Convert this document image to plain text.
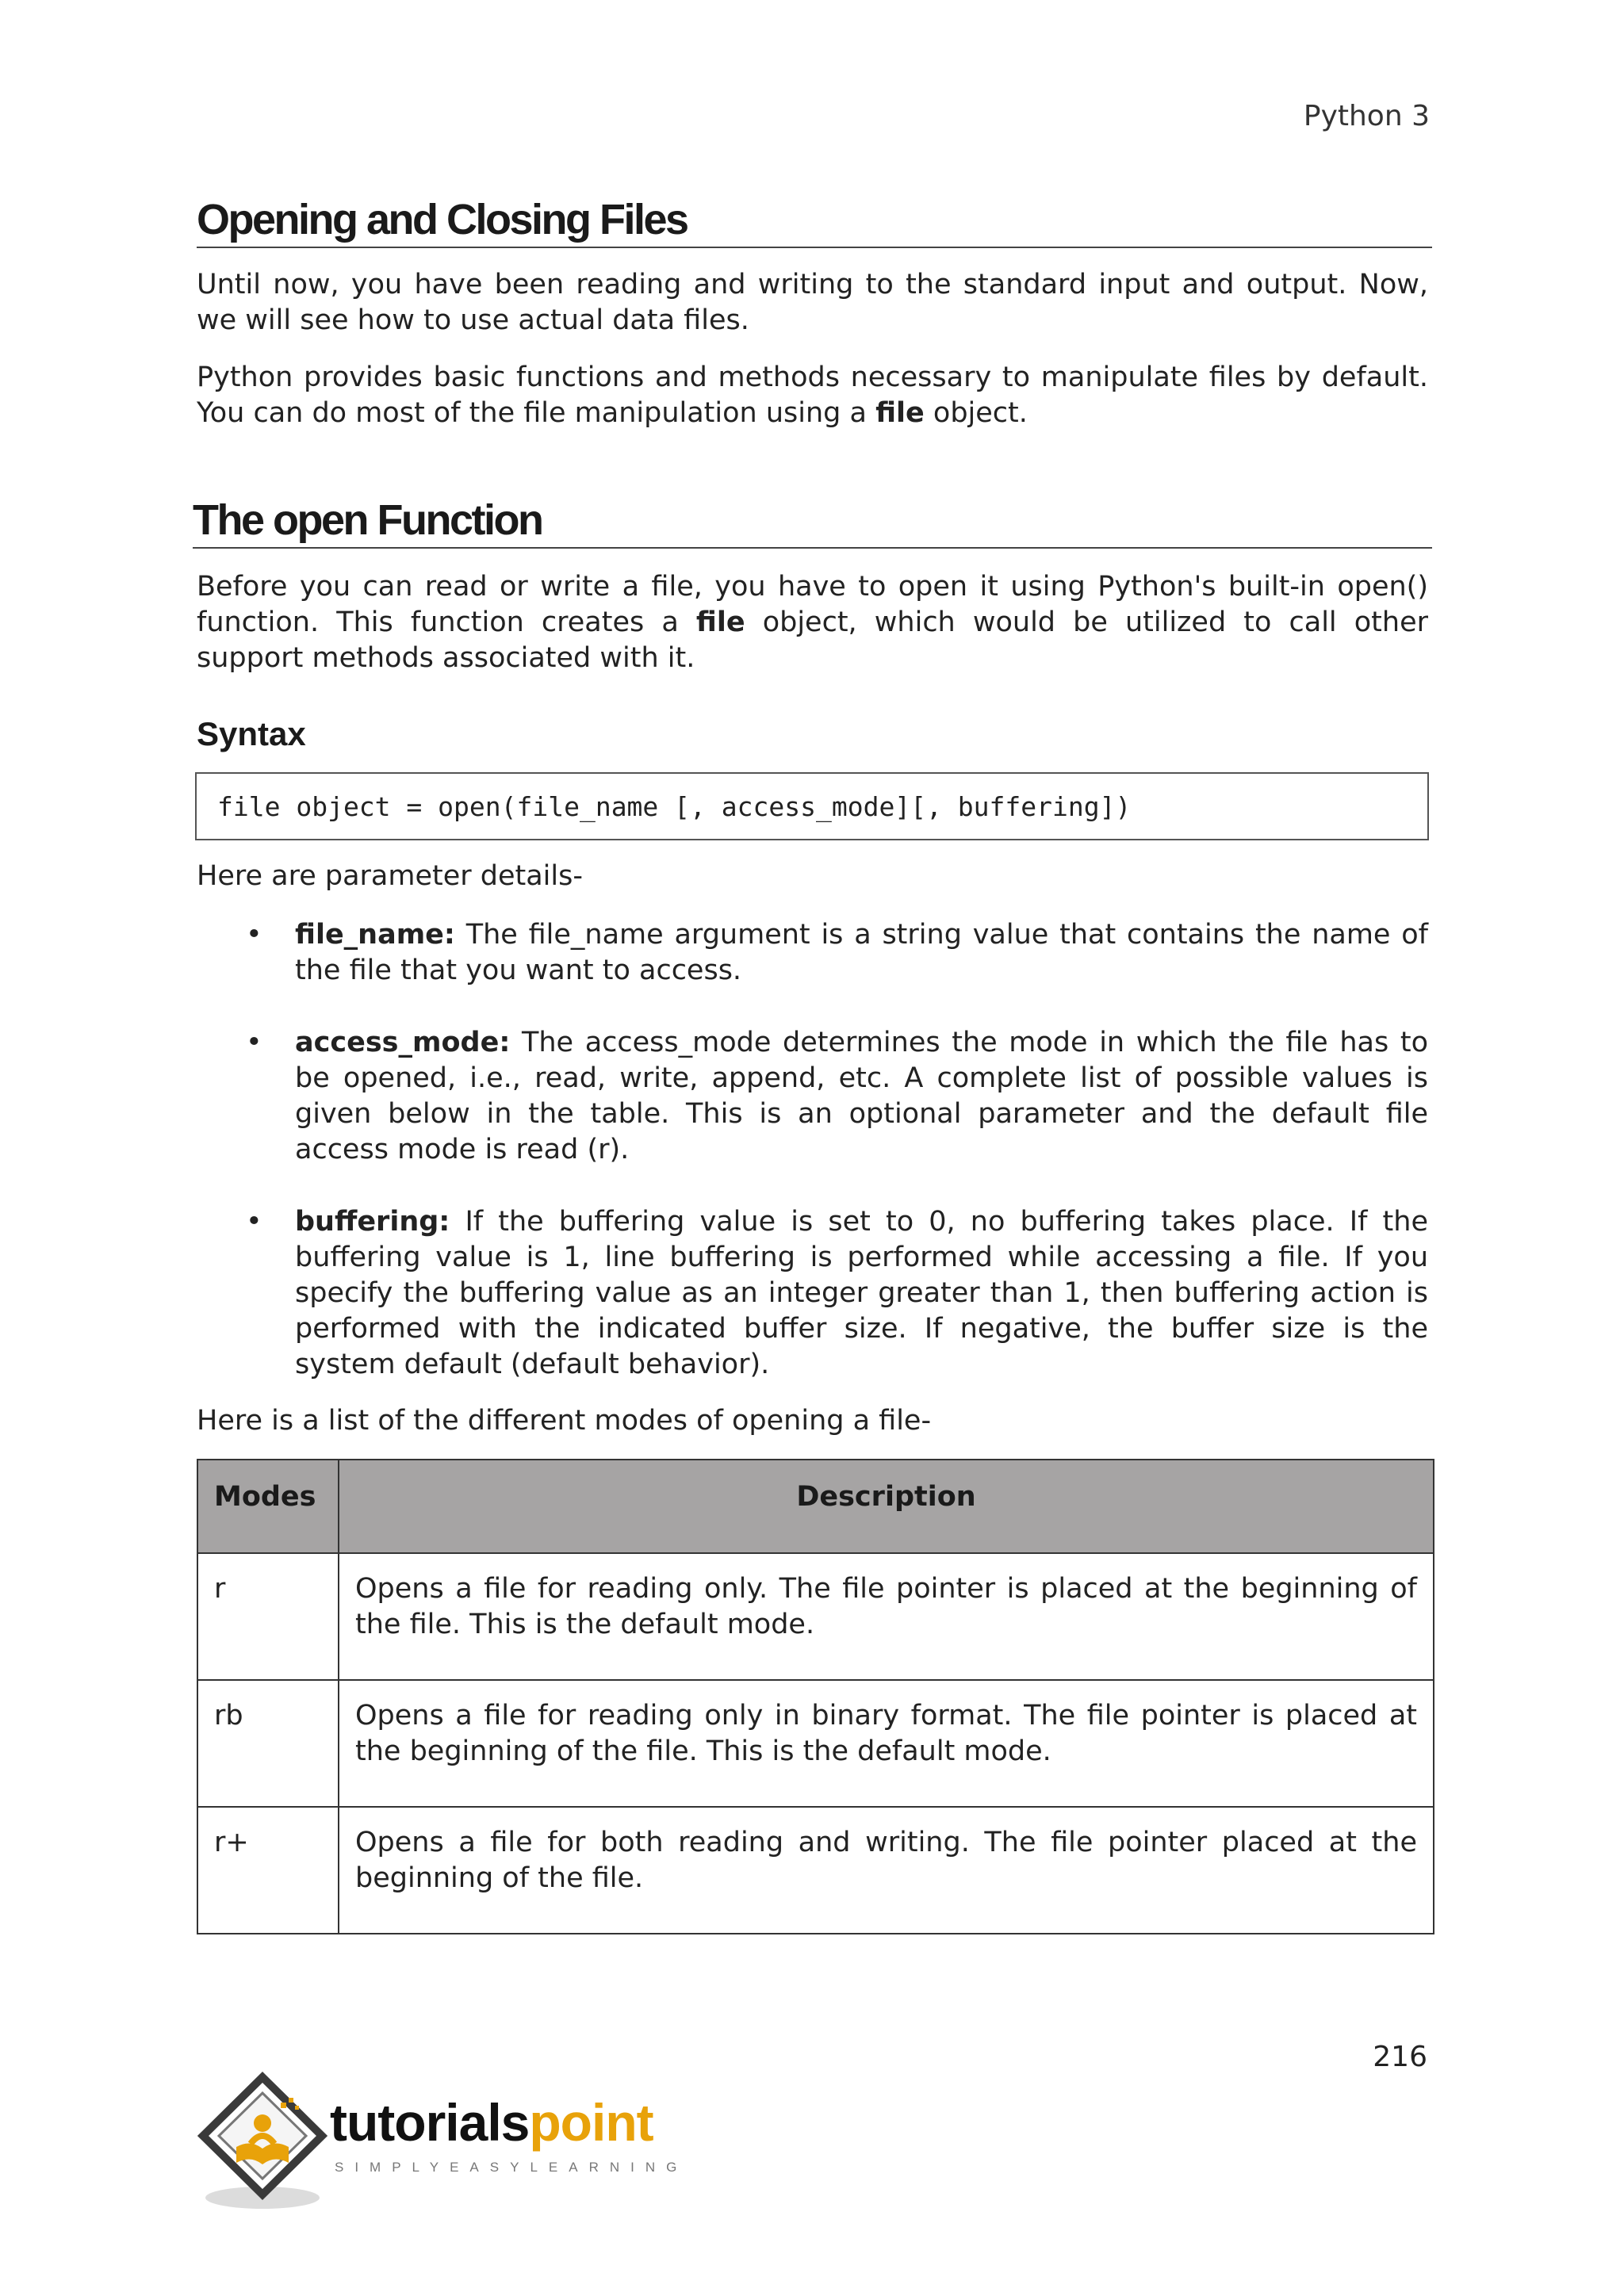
Python 3
Opening and Closing Files
Until now, you have been reading and writing to the standard input and output. Now, we will see how to use actual data files.
Python provides basic functions and methods necessary to manipulate files by default. You can do most of the file manipulation using a file object.
The open Function
Before you can read or write a file, you have to open it using Python's built-in open() function. This function creates a file object, which would be utilized to call other support methods associated with it.
Syntax
file object = open(file_name [, access_mode][, buffering])
Here are parameter details-
• file_name: The file_name argument is a string value that contains the name of the file that you want to access.
• access_mode: The access_mode determines the mode in which the file has to be opened, i.e., read, write, append, etc. A complete list of possible values is given below in the table. This is an optional parameter and the default file access mode is read (r).
• buffering: If the buffering value is set to 0, no buffering takes place. If the buffering value is 1, line buffering is performed while accessing a file. If you specify the buffering value as an integer greater than 1, then buffering action is performed with the indicated buffer size. If negative, the buffer size is the system default (default behavior).
Here is a list of the different modes of opening a file-
Modes	Description
r	Opens a file for reading only. The file pointer is placed at the beginning of the file. This is the default mode.
rb	Opens a file for reading only in binary format. The file pointer is placed at the beginning of the file. This is the default mode.
r+	Opens a file for both reading and writing. The file pointer placed at the beginning of the file.
216
tutorialspoint
SIMPLYEASYLEARNING
